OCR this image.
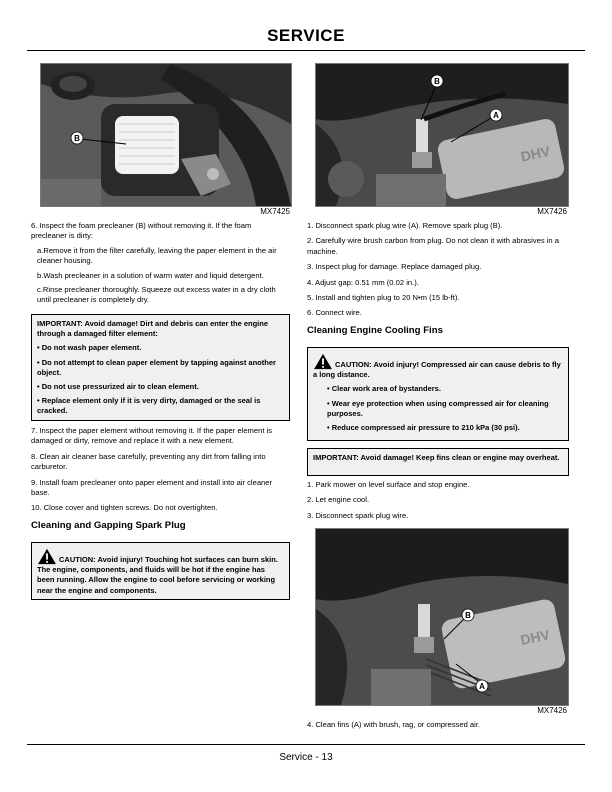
SERVICE
B
MX7425

6. Inspect the foam precleaner (B) without removing it. If the foam precleaner is dirty:

a.Remove it from the filter carefully, leaving the paper element in the air cleaner housing.

b.Wash precleaner in a solution of warm water and liquid detergent.

c.Rinse precleaner thoroughly. Squeeze out excess water in a dry cloth until precleaner is completely dry.

IMPORTANT: Avoid damage! Dirt and debris can enter the engine through a damaged filter element:

• Do not wash paper element.

• Do not attempt to clean paper element by tapping against another object.

• Do not use pressurized air to clean element.

• Replace element only if it is very dirty, damaged or the seal is cracked.

7. Inspect the paper element without removing it. If the paper element is damaged or dirty, remove and replace it with a new element.

8. Clean air cleaner base carefully, preventing any dirt from falling into carburetor.

9. Install foam precleaner onto paper element and install into air cleaner base.

10. Close cover and tighten screws. Do not overtighten.

Cleaning and Gapping Spark Plug

CAUTION: Avoid injury! Touching hot surfaces can burn skin. The engine, components, and fluids will be hot if the engine has been running. Allow the engine to cool before servicing or working near the engine and components.

DHV
B
A
MX7426

1. Disconnect spark plug wire (A). Remove spark plug (B).

2. Carefully wire brush carbon from plug. Do not clean it with abrasives in a machine.

3. Inspect plug for damage. Replace damaged plug.

4. Adjust gap: 0.51 mm (0.02 in.).

5. Install and tighten plug to 20 N•m (15 lb-ft).

6. Connect wire.

Cleaning Engine Cooling Fins

CAUTION: Avoid injury! Compressed air can cause debris to fly a long distance.

• Clear work area of bystanders.

• Wear eye protection when using compressed air for cleaning purposes.

• Reduce compressed air pressure to 210 kPa (30 psi).

IMPORTANT: Avoid damage! Keep fins clean or engine may overheat.

1. Park mower on level surface and stop engine.

2. Let engine cool.

3. Disconnect spark plug wire.

DHV
B
A
MX7426

4. Clean fins (A) with brush, rag, or compressed air.

Service - 13
